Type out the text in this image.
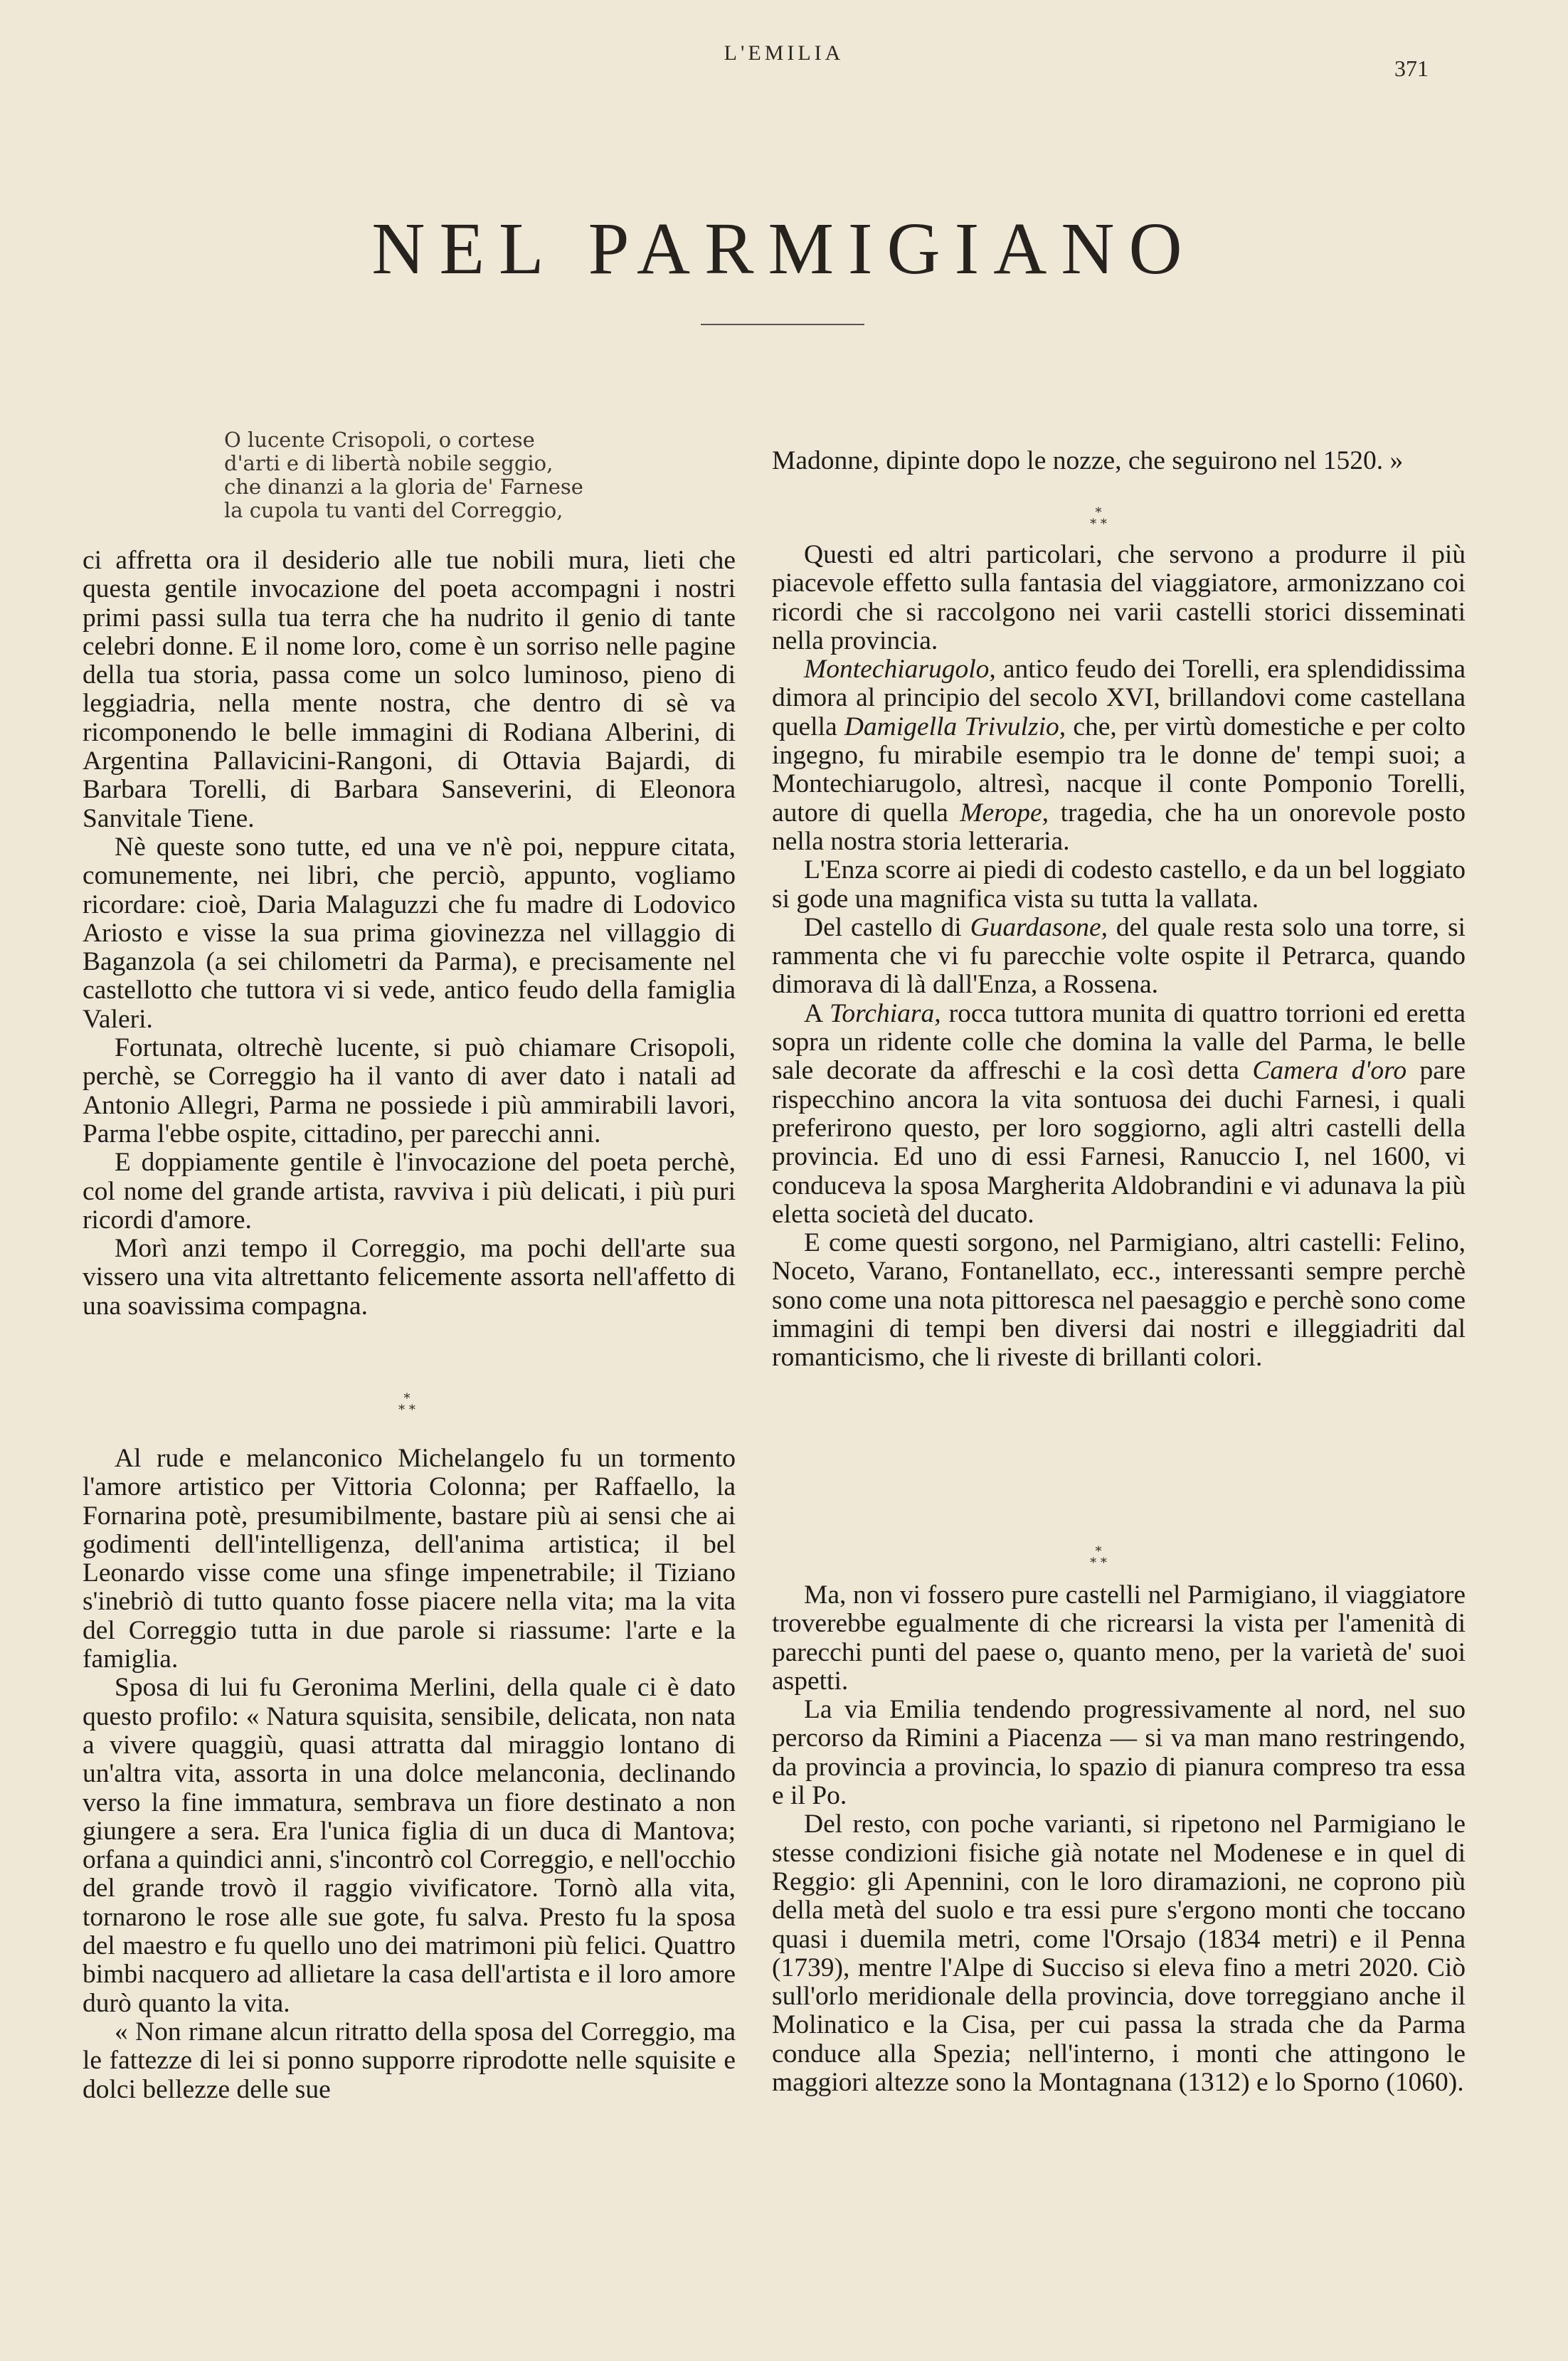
L'EMILIA
371
NEL PARMIGIANO
O lucente Crisopoli, o cortese
d'arti e di libertà nobile seggio,
che dinanzi a la gloria de' Farnese
la cupola tu vanti del Correggio,

ci affretta ora il desiderio alle tue nobili mura, lieti che questa gentile invocazione del poeta accompagni i nostri primi passi sulla tua terra che ha nudrito il genio di tante celebri donne. E il nome loro, come è un sorriso nelle pagine della tua storia, passa come un solco luminoso, pieno di leggiadria, nella mente nostra, che dentro di sè va ricomponendo le belle immagini di Rodiana Alberini, di Argentina Pallavicini-Rangoni, di Ottavia Bajardi, di Barbara Torelli, di Barbara Sanseverini, di Eleonora Sanvitale Tiene.

Nè queste sono tutte, ed una ve n'è poi, neppure citata, comunemente, nei libri, che perciò, appunto, vogliamo ricordare: cioè, Daria Malaguzzi che fu madre di Lodovico Ariosto e visse la sua prima giovinezza nel villaggio di Baganzola (a sei chilometri da Parma), e precisamente nel castellotto che tuttora vi si vede, antico feudo della famiglia Valeri.

Fortunata, oltrechè lucente, si può chiamare Crisopoli, perchè, se Correggio ha il vanto di aver dato i natali ad Antonio Allegri, Parma ne possiede i più ammirabili lavori, Parma l'ebbe ospite, cittadino, per parecchi anni.

E doppiamente gentile è l'invocazione del poeta perchè, col nome del grande artista, ravviva i più delicati, i più puri ricordi d'amore.

Morì anzi tempo il Correggio, ma pochi dell'arte sua vissero una vita altrettanto felicemente assorta nell'affetto di una soavissima compagna.

*
* *

Al rude e melanconico Michelangelo fu un tormento l'amore artistico per Vittoria Colonna; per Raffaello, la Fornarina potè, presumibilmente, bastare più ai sensi che ai godimenti dell'intelligenza, dell'anima artistica; il bel Leonardo visse come una sfinge impenetrabile; il Tiziano s'inebriò di tutto quanto fosse piacere nella vita; ma la vita del Correggio tutta in due parole si riassume: l'arte e la famiglia.

Sposa di lui fu Geronima Merlini, della quale ci è dato questo profilo: « Natura squisita, sensibile, delicata, non nata a vivere quaggiù, quasi attratta dal miraggio lontano di un'altra vita, assorta in una dolce melanconia, declinando verso la fine immatura, sembrava un fiore destinato a non giungere a sera. Era l'unica figlia di un duca di Mantova; orfana a quindici anni, s'incontrò col Correggio, e nell'occhio del grande trovò il raggio vivificatore. Tornò alla vita, tornarono le rose alle sue gote, fu salva. Presto fu la sposa del maestro e fu quello uno dei matrimoni più felici. Quattro bimbi nacquero ad allietare la casa dell'artista e il loro amore durò quanto la vita.

« Non rimane alcun ritratto della sposa del Correggio, ma le fattezze di lei si ponno supporre riprodotte nelle squisite e dolci bellezze delle sue

Madonne, dipinte dopo le nozze, che seguirono nel 1520. »

*
* *

Questi ed altri particolari, che servono a produrre il più piacevole effetto sulla fantasia del viaggiatore, armonizzano coi ricordi che si raccolgono nei varii castelli storici disseminati nella provincia.

Montechiarugolo, antico feudo dei Torelli, era splendidissima dimora al principio del secolo XVI, brillandovi come castellana quella Damigella Trivulzio, che, per virtù domestiche e per colto ingegno, fu mirabile esempio tra le donne de' tempi suoi; a Montechiarugolo, altresì, nacque il conte Pomponio Torelli, autore di quella Merope, tragedia, che ha un onorevole posto nella nostra storia letteraria.

L'Enza scorre ai piedi di codesto castello, e da un bel loggiato si gode una magnifica vista su tutta la vallata.

Del castello di Guardasone, del quale resta solo una torre, si rammenta che vi fu parecchie volte ospite il Petrarca, quando dimorava di là dall'Enza, a Rossena.

A Torchiara, rocca tuttora munita di quattro torrioni ed eretta sopra un ridente colle che domina la valle del Parma, le belle sale decorate da affreschi e la così detta Camera d'oro pare rispecchino ancora la vita sontuosa dei duchi Farnesi, i quali preferirono questo, per loro soggiorno, agli altri castelli della provincia. Ed uno di essi Farnesi, Ranuccio I, nel 1600, vi conduceva la sposa Margherita Aldobrandini e vi adunava la più eletta società del ducato.

E come questi sorgono, nel Parmigiano, altri castelli: Felino, Noceto, Varano, Fontanellato, ecc., interessanti sempre perchè sono come una nota pittoresca nel paesaggio e perchè sono come immagini di tempi ben diversi dai nostri e illeggiadriti dal romanticismo, che li riveste di brillanti colori.

*
* *

Ma, non vi fossero pure castelli nel Parmigiano, il viaggiatore troverebbe egualmente di che ricrearsi la vista per l'amenità di parecchi punti del paese o, quanto meno, per la varietà de' suoi aspetti.

La via Emilia tendendo progressivamente al nord, nel suo percorso da Rimini a Piacenza — si va man mano restringendo, da provincia a provincia, lo spazio di pianura compreso tra essa e il Po.

Del resto, con poche varianti, si ripetono nel Parmigiano le stesse condizioni fisiche già notate nel Modenese e in quel di Reggio: gli Apennini, con le loro diramazioni, ne coprono più della metà del suolo e tra essi pure s'ergono monti che toccano quasi i duemila metri, come l'Orsajo (1834 metri) e il Penna (1739), mentre l'Alpe di Succiso si eleva fino a metri 2020. Ciò sull'orlo meridionale della provincia, dove torreggiano anche il Molinatico e la Cisa, per cui passa la strada che da Parma conduce alla Spezia; nell'interno, i monti che attingono le maggiori altezze sono la Montagnana (1312) e lo Sporno (1060).
